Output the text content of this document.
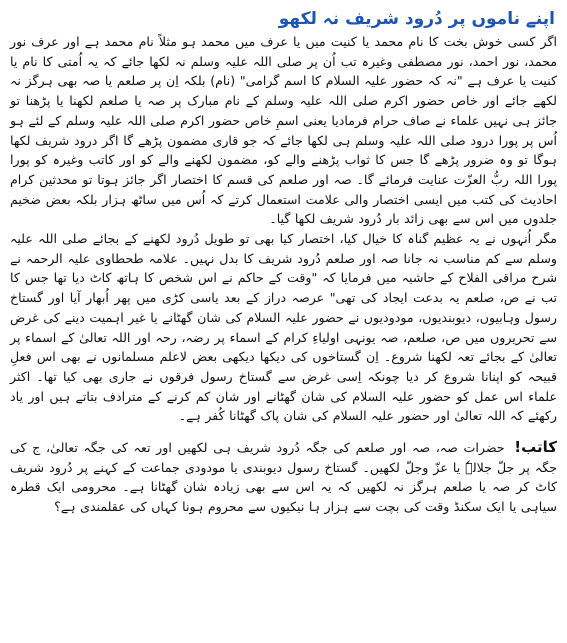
اپنے ناموں پر دُرود شریف نہ لکھو

اگر کسی خوش بخت کا نام محمد یا کنیت میں یا عرف میں محمد ہو مثلاً نام محمد ہے اور عرف نور محمد، نور احمد، نور مصطفی وغیرہ تب اُن پر صلی اللہ علیہ وسلم نہ لکھا جائے کہ یہ اُمتی کا نام یا کنیت یا عرف ہے "نہ کہ حضور علیہ السلام کا اسم گرامی" (نام) بلکہ اِن پر صلعم یا صہ بھی ہرگز نہ لکھے جائے اور خاص حضور اکرم صلی اللہ علیہ وسلم کے نام مبارک پر صہ یا صلعم لکھنا یا پڑھنا تو جائز ہی نہیں علماء نے صاف حرام فرمادیا یعنی اسمِ خاص حضور اکرم صلی اللہ علیہ وسلم کے لئے ہو اُس پر پورا درود صلی اللہ علیہ وسلم ہی لکھا جائے کہ جو قاری مضمون پڑھے گا اگر درود شریف لکھا ہوگا تو وہ ضرور پڑھے گا جس کا ثواب پڑھنے والے کو، مضمون لکھنے والے کو اور کاتب وغیرہ کو پورا پورا اللہ ربُّ العزّت عنایت فرمائے گا۔ صہ اور صلعم کی قسم کا اختصار اگر جائز ہوتا تو محدثین کرام احادیث کی کتب میں ایسی اختصار والی علامت استعمال کرتے کہ اُس میں ساٹھ ہزار بلکہ بعض ضخیم جلدوں میں اس سے بھی زائد بار دُرود شریف لکھا گیا۔

مگر اُنہوں نے یہ عظیم گناہ کا خیال کیا، اختصار کیا بھی تو طویل دُرود لکھنے کے بجائے صلی اللہ علیہ وسلم سے کم مناسب نہ جانا صہ اور صلعم دُرود شریف کا بدل نہیں۔ علامہ طحطاوی علیہ الرحمہ نے شرح مراقی الفلاح کے حاشیہ میں فرمایا کہ "وقت کے حاکم نے اس شخص کا ہاتھ کاٹ دیا تھا جس کا تب نے ص، صلعم یہ بدعت ایجاد کی تھی" عرصہ دراز کے بعد یاسی کڑی میں پھر اُبھار آیا اور گستاخ رسول وہابیوں، دیوبندیوں، مودودیوں نے حضور علیہ السلام کی شان گھٹانے یا غیر اہمیت دینے کی غرض سے تحریروں میں ص، صلعم، صہ یونہی اولیاءِ کرام کے اسماء پر رضہ، رحہ اور اللہ تعالیٰ کے اسماء پر تعالیٰ کے بجائے تعہ لکھنا شروع۔ اِن گستاخوں کی دیکھا دیکھی بعض لاعلم مسلمانوں نے بھی اس فعلِ قبیحہ کو اپنانا شروع کر دیا چونکہ اِسی غرض سے گستاخ رسول فرقوں نے جاری بھی کیا تھا۔ اکثر علماء اس عمل کو حضور علیہ السلام کی شان گھٹانے اور شان کم کرنے کے مترادف بتاتے ہیں اور یاد رکھئے کہ اللہ تعالیٰ اور حضور علیہ السلام کی شان پاک گھٹانا کُفر ہے۔

کاتب! حضرات صہ، صہ اور صلعم کی جگہ دُرود شریف ہی لکھیں اور تعہ کی جگہ تعالیٰ، ج کی جگہ پر جلّ جلالہٗ یا عزّ وجلّ لکھیں۔ گستاخ رسول دیوبندی یا مودودی جماعت کے کہنے پر دُرود شریف کاٹ کر صہ یا صلعم ہرگز نہ لکھیں کہ یہ اس سے بھی زیادہ شان گھٹانا ہے۔ محرومی ایک قطرہ سیاہی یا ایک سکنڈ وقت کی بچت سے ہزار ہا نیکیوں سے محروم ہونا کہاں کی عقلمندی ہے؟
